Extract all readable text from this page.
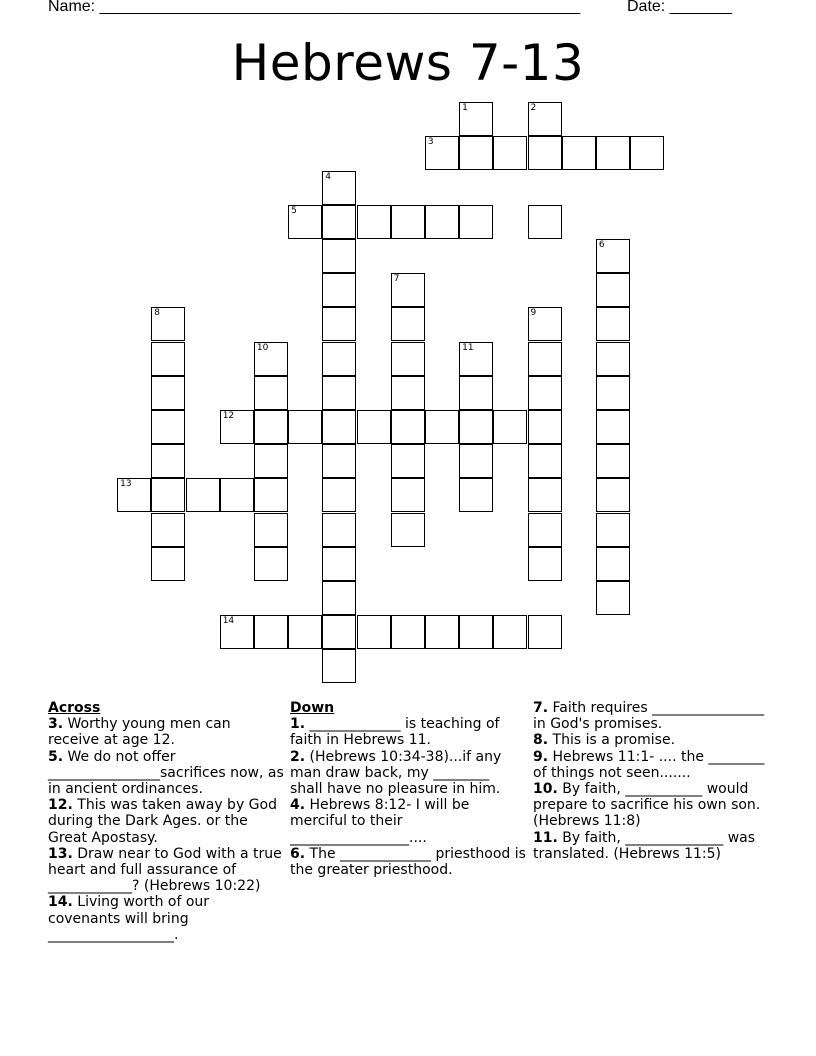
Name: ______________________________________________________	Date: _______
Hebrews 7-13
1	2
3
4
5
6
7
8	9
10	11
12
13
14
Across
3. Worthy young men can receive at age 12.
5. We do not offer ________________sacrifices now, as in ancient ordinances.
12. This was taken away by God during the Dark Ages. or the Great Apostasy.
13. Draw near to God with a true heart and full assurance of ____________? (Hebrews 10:22)
14. Living worth of our covenants will bring __________________.
Down
1. _____________ is teaching of faith in Hebrews 11.
2. (Hebrews 10:34-38)...if any man draw back, my ________ shall have no pleasure in him.
4. Hebrews 8:12- I will be merciful to their _________________....
6. The _____________ priesthood is the greater priesthood.
7. Faith requires ________________ in God's promises.
8. This is a promise.
9. Hebrews 11:1- .... the ________ of things not seen.......
10. By faith, ___________ would prepare to sacrifice his own son. (Hebrews 11:8)
11. By faith, ______________ was translated. (Hebrews 11:5)
